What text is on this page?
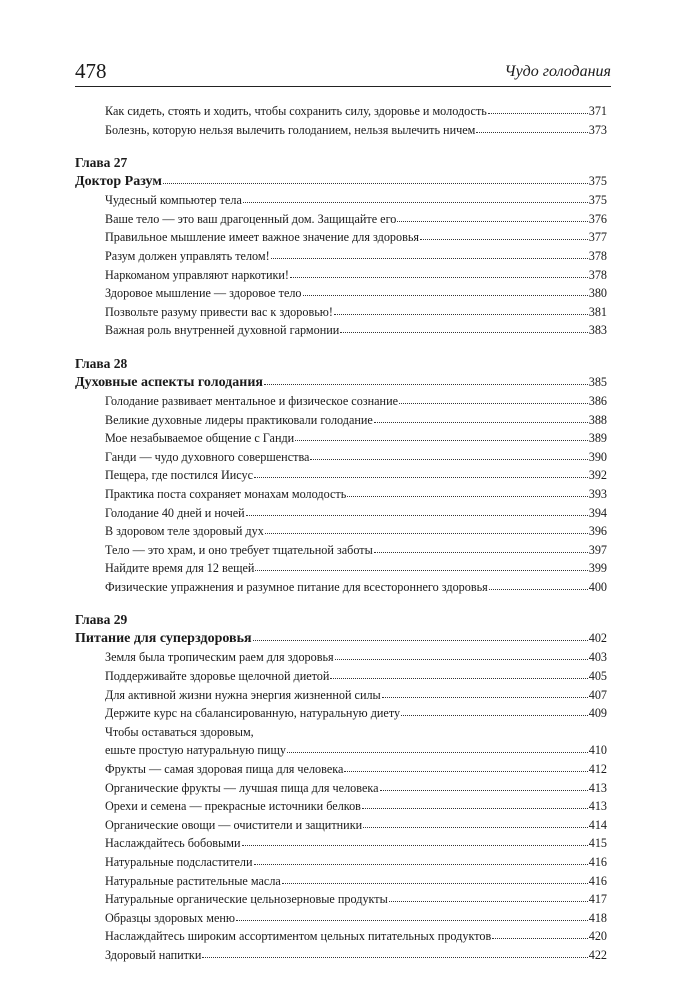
478	Чудо голодания
Как сидеть, стоять и ходить, чтобы сохранить силу, здоровье и молодость	371
Болезнь, которую нельзя вылечить голоданием, нельзя вылечить ничем	373
Глава 27
Доктор Разум	375
Чудесный компьютер тела	375
Ваше тело — это ваш драгоценный дом. Защищайте его	376
Правильное мышление имеет важное значение для здоровья	377
Разум должен управлять телом!	378
Наркоманом управляют наркотики!	378
Здоровое мышление — здоровое тело	380
Позвольте разуму привести вас к здоровью!	381
Важная роль внутренней духовной гармонии	383
Глава 28
Духовные аспекты голодания	385
Голодание развивает ментальное и физическое сознание	386
Великие духовные лидеры практиковали голодание	388
Мое незабываемое общение с Ганди	389
Ганди — чудо духовного совершенства	390
Пещера, где постился Иисус	392
Практика поста сохраняет монахам молодость	393
Голодание 40 дней и ночей	394
В здоровом теле здоровый дух	396
Тело — это храм, и оно требует тщательной заботы	397
Найдите время для 12 вещей	399
Физические упражнения и разумное питание для всестороннего здоровья	400
Глава 29
Питание для суперздоровья	402
Земля была тропическим раем для здоровья	403
Поддерживайте здоровье щелочной диетой	405
Для активной жизни нужна энергия жизненной силы	407
Держите курс на сбалансированную, натуральную диету	409
Чтобы оставаться здоровым,
ешьте простую натуральную пищу	410
Фрукты — самая здоровая пища для человека	412
Органические фрукты — лучшая пища для человека	413
Орехи и семена — прекрасные источники белков	413
Органические овощи — очистители и защитники	414
Наслаждайтесь бобовыми	415
Натуральные подсластители	416
Натуральные растительные масла	416
Натуральные органические цельнозерновые продукты	417
Образцы здоровых меню	418
Наслаждайтесь широким ассортиментом цельных питательных продуктов	420
Здоровый напитки	422
